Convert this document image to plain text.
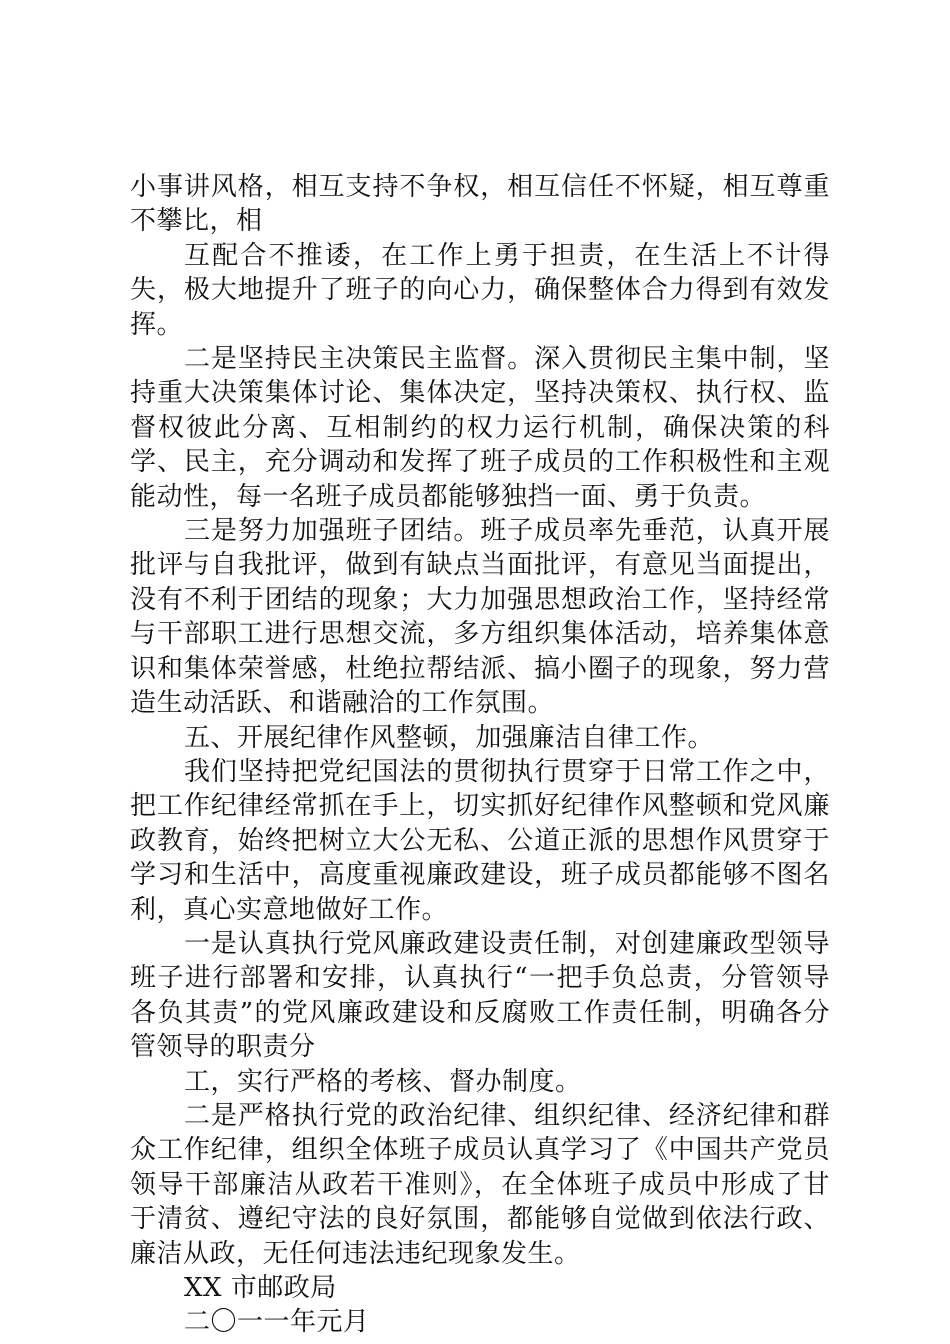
小事讲风格，相互支持不争权，相互信任不怀疑，相互尊重不攀比，相

互配合不推诿，在工作上勇于担责，在生活上不计得失，极大地提升了班子的向心力，确保整体合力得到有效发挥。

二是坚持民主决策民主监督。深入贯彻民主集中制，坚持重大决策集体讨论、集体决定，坚持决策权、执行权、监督权彼此分离、互相制约的权力运行机制，确保决策的科学、民主，充分调动和发挥了班子成员的工作积极性和主观能动性，每一名班子成员都能够独挡一面、勇于负责。

三是努力加强班子团结。班子成员率先垂范，认真开展批评与自我批评，做到有缺点当面批评，有意见当面提出，没有不利于团结的现象；大力加强思想政治工作，坚持经常与干部职工进行思想交流，多方组织集体活动，培养集体意识和集体荣誉感，杜绝拉帮结派、搞小圈子的现象，努力营造生动活跃、和谐融洽的工作氛围。

五、开展纪律作风整顿，加强廉洁自律工作。

我们坚持把党纪国法的贯彻执行贯穿于日常工作之中，把工作纪律经常抓在手上，切实抓好纪律作风整顿和党风廉政教育，始终把树立大公无私、公道正派的思想作风贯穿于学习和生活中，高度重视廉政建设，班子成员都能够不图名利，真心实意地做好工作。

一是认真执行党风廉政建设责任制，对创建廉政型领导班子进行部署和安排，认真执行“一把手负总责，分管领导各负其责”的党风廉政建设和反腐败工作责任制，明确各分管领导的职责分

工，实行严格的考核、督办制度。

二是严格执行党的政治纪律、组织纪律、经济纪律和群众工作纪律，组织全体班子成员认真学习了《中国共产党员领导干部廉洁从政若干准则》，在全体班子成员中形成了甘于清贫、遵纪守法的良好氛围，都能够自觉做到依法行政、廉洁从政，无任何违法违纪现象发生。

XX 市邮政局

二〇一一年元月
